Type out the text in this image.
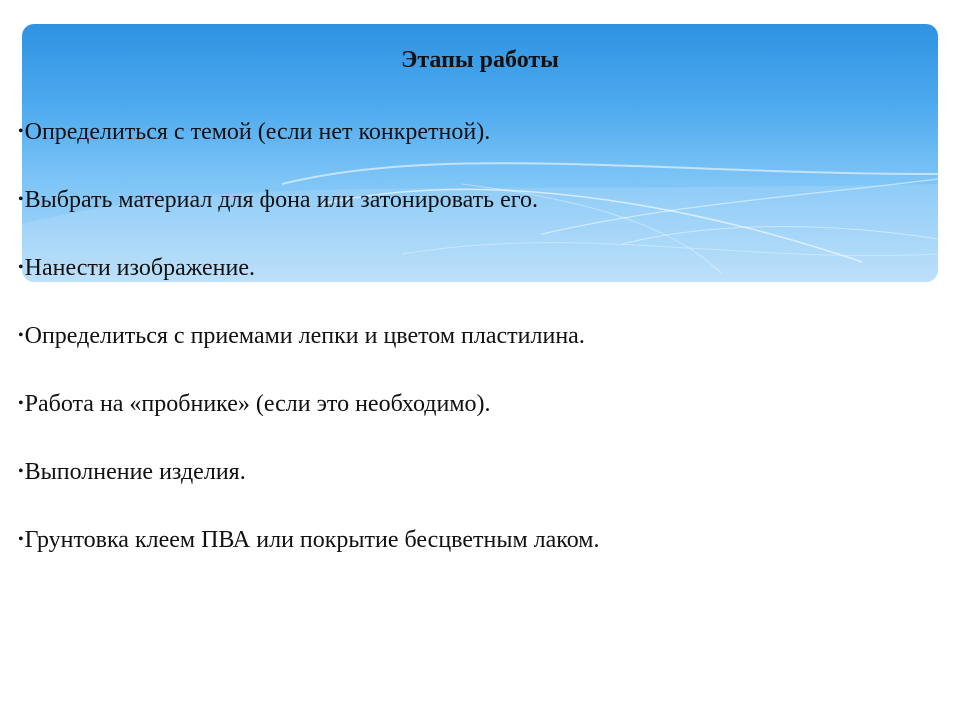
Этапы работы
•Определиться с темой (если нет конкретной).
•Выбрать материал для фона или затонировать его.
•Нанести изображение.
•Определиться с приемами лепки и цветом пластилина.
•Работа на «пробнике» (если это необходимо).
•Выполнение изделия.
•Грунтовка клеем ПВА или покрытие бесцветным лаком.
